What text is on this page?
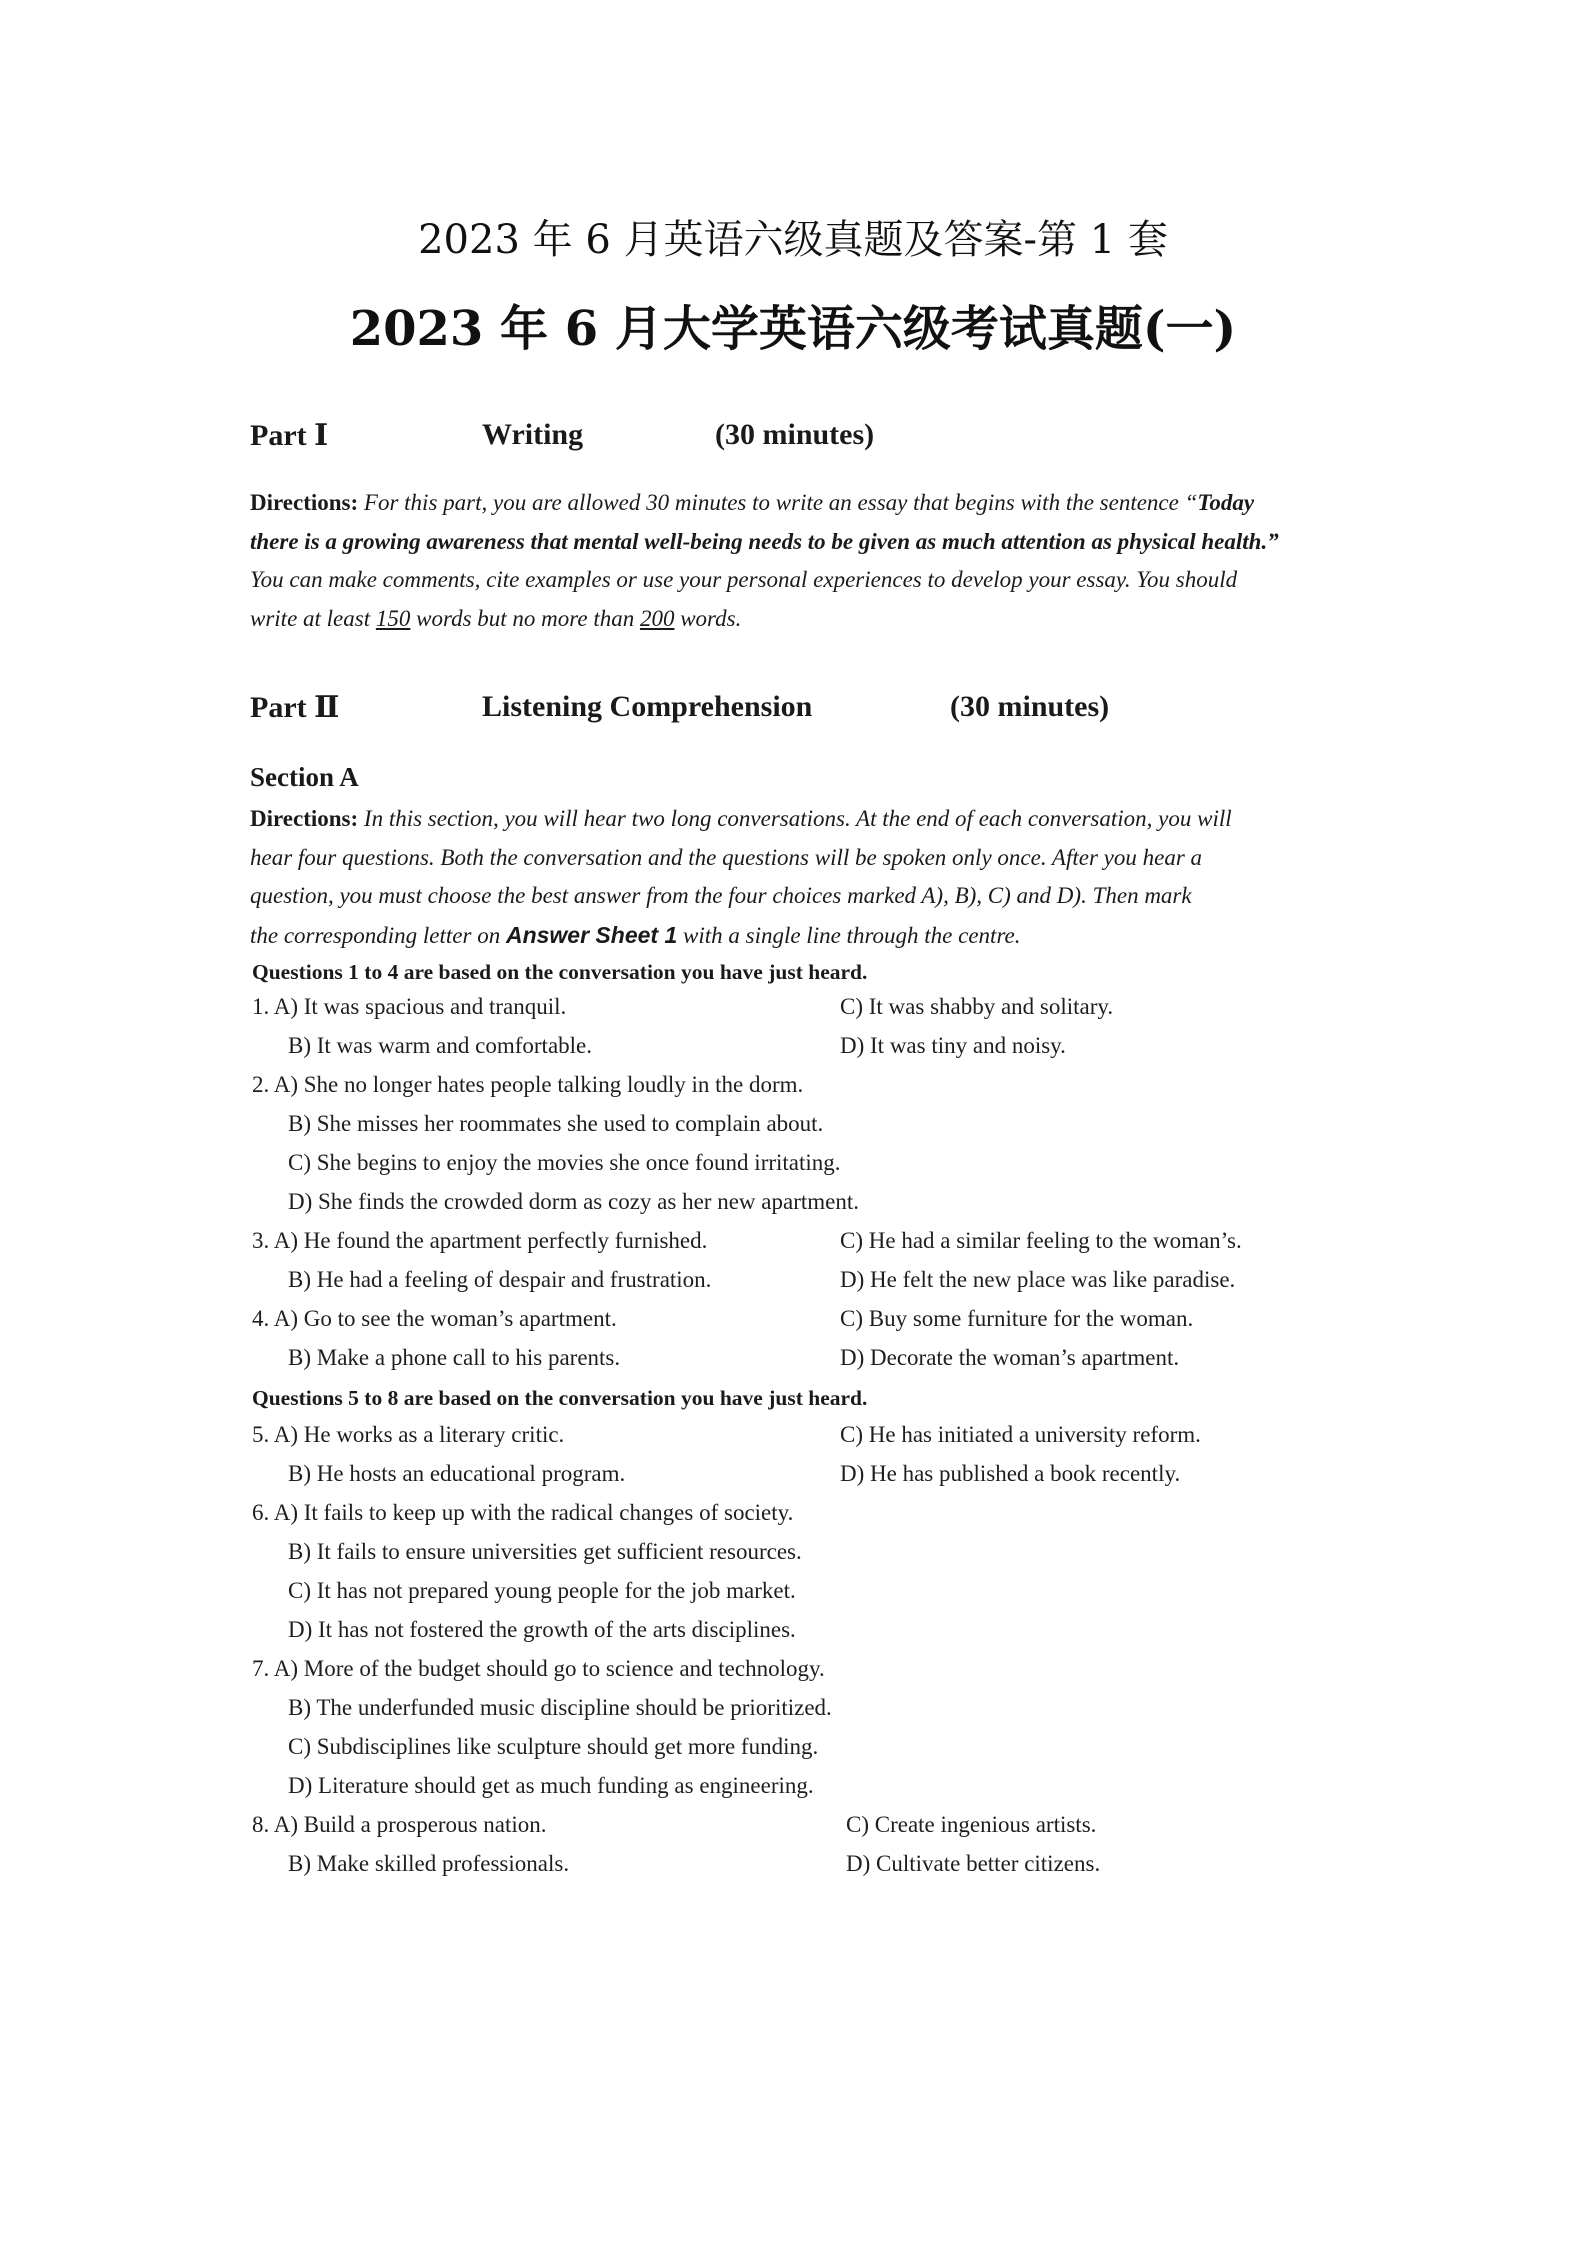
2023 年 6 月英语六级真题及答案-第 1 套
2023 年 6 月大学英语六级考试真题(一)
Part Ⅰ	Writing	(30 minutes)
Directions: For this part, you are allowed 30 minutes to write an essay that begins with the sentence “Today
there is a growing awareness that mental well-being needs to be given as much attention as physical health.”
You can make comments, cite examples or use your personal experiences to develop your essay. You should
write at least 150 words but no more than 200 words.
Part Ⅱ	Listening Comprehension	(30 minutes)
Section A
Directions: In this section, you will hear two long conversations. At the end of each conversation, you will
hear four questions. Both the conversation and the questions will be spoken only once. After you hear a
question, you must choose the best answer from the four choices marked A), B), C) and D). Then mark
the corresponding letter on Answer Sheet 1 with a single line through the centre.
Questions 1 to 4 are based on the conversation you have just heard.
1. A) It was spacious and tranquil.	C) It was shabby and solitary.
B) It was warm and comfortable.	D) It was tiny and noisy.
2. A) She no longer hates people talking loudly in the dorm.
B) She misses her roommates she used to complain about.
C) She begins to enjoy the movies she once found irritating.
D) She finds the crowded dorm as cozy as her new apartment.
3. A) He found the apartment perfectly furnished.	C) He had a similar feeling to the woman’s.
B) He had a feeling of despair and frustration.	D) He felt the new place was like paradise.
4. A) Go to see the woman’s apartment.	C) Buy some furniture for the woman.
B) Make a phone call to his parents.	D) Decorate the woman’s apartment.
Questions 5 to 8 are based on the conversation you have just heard.
5. A) He works as a literary critic.	C) He has initiated a university reform.
B) He hosts an educational program.	D) He has published a book recently.
6. A) It fails to keep up with the radical changes of society.
B) It fails to ensure universities get sufficient resources.
C) It has not prepared young people for the job market.
D) It has not fostered the growth of the arts disciplines.
7. A) More of the budget should go to science and technology.
B) The underfunded music discipline should be prioritized.
C) Subdisciplines like sculpture should get more funding.
D) Literature should get as much funding as engineering.
8. A) Build a prosperous nation.	C) Create ingenious artists.
B) Make skilled professionals.	D) Cultivate better citizens.
